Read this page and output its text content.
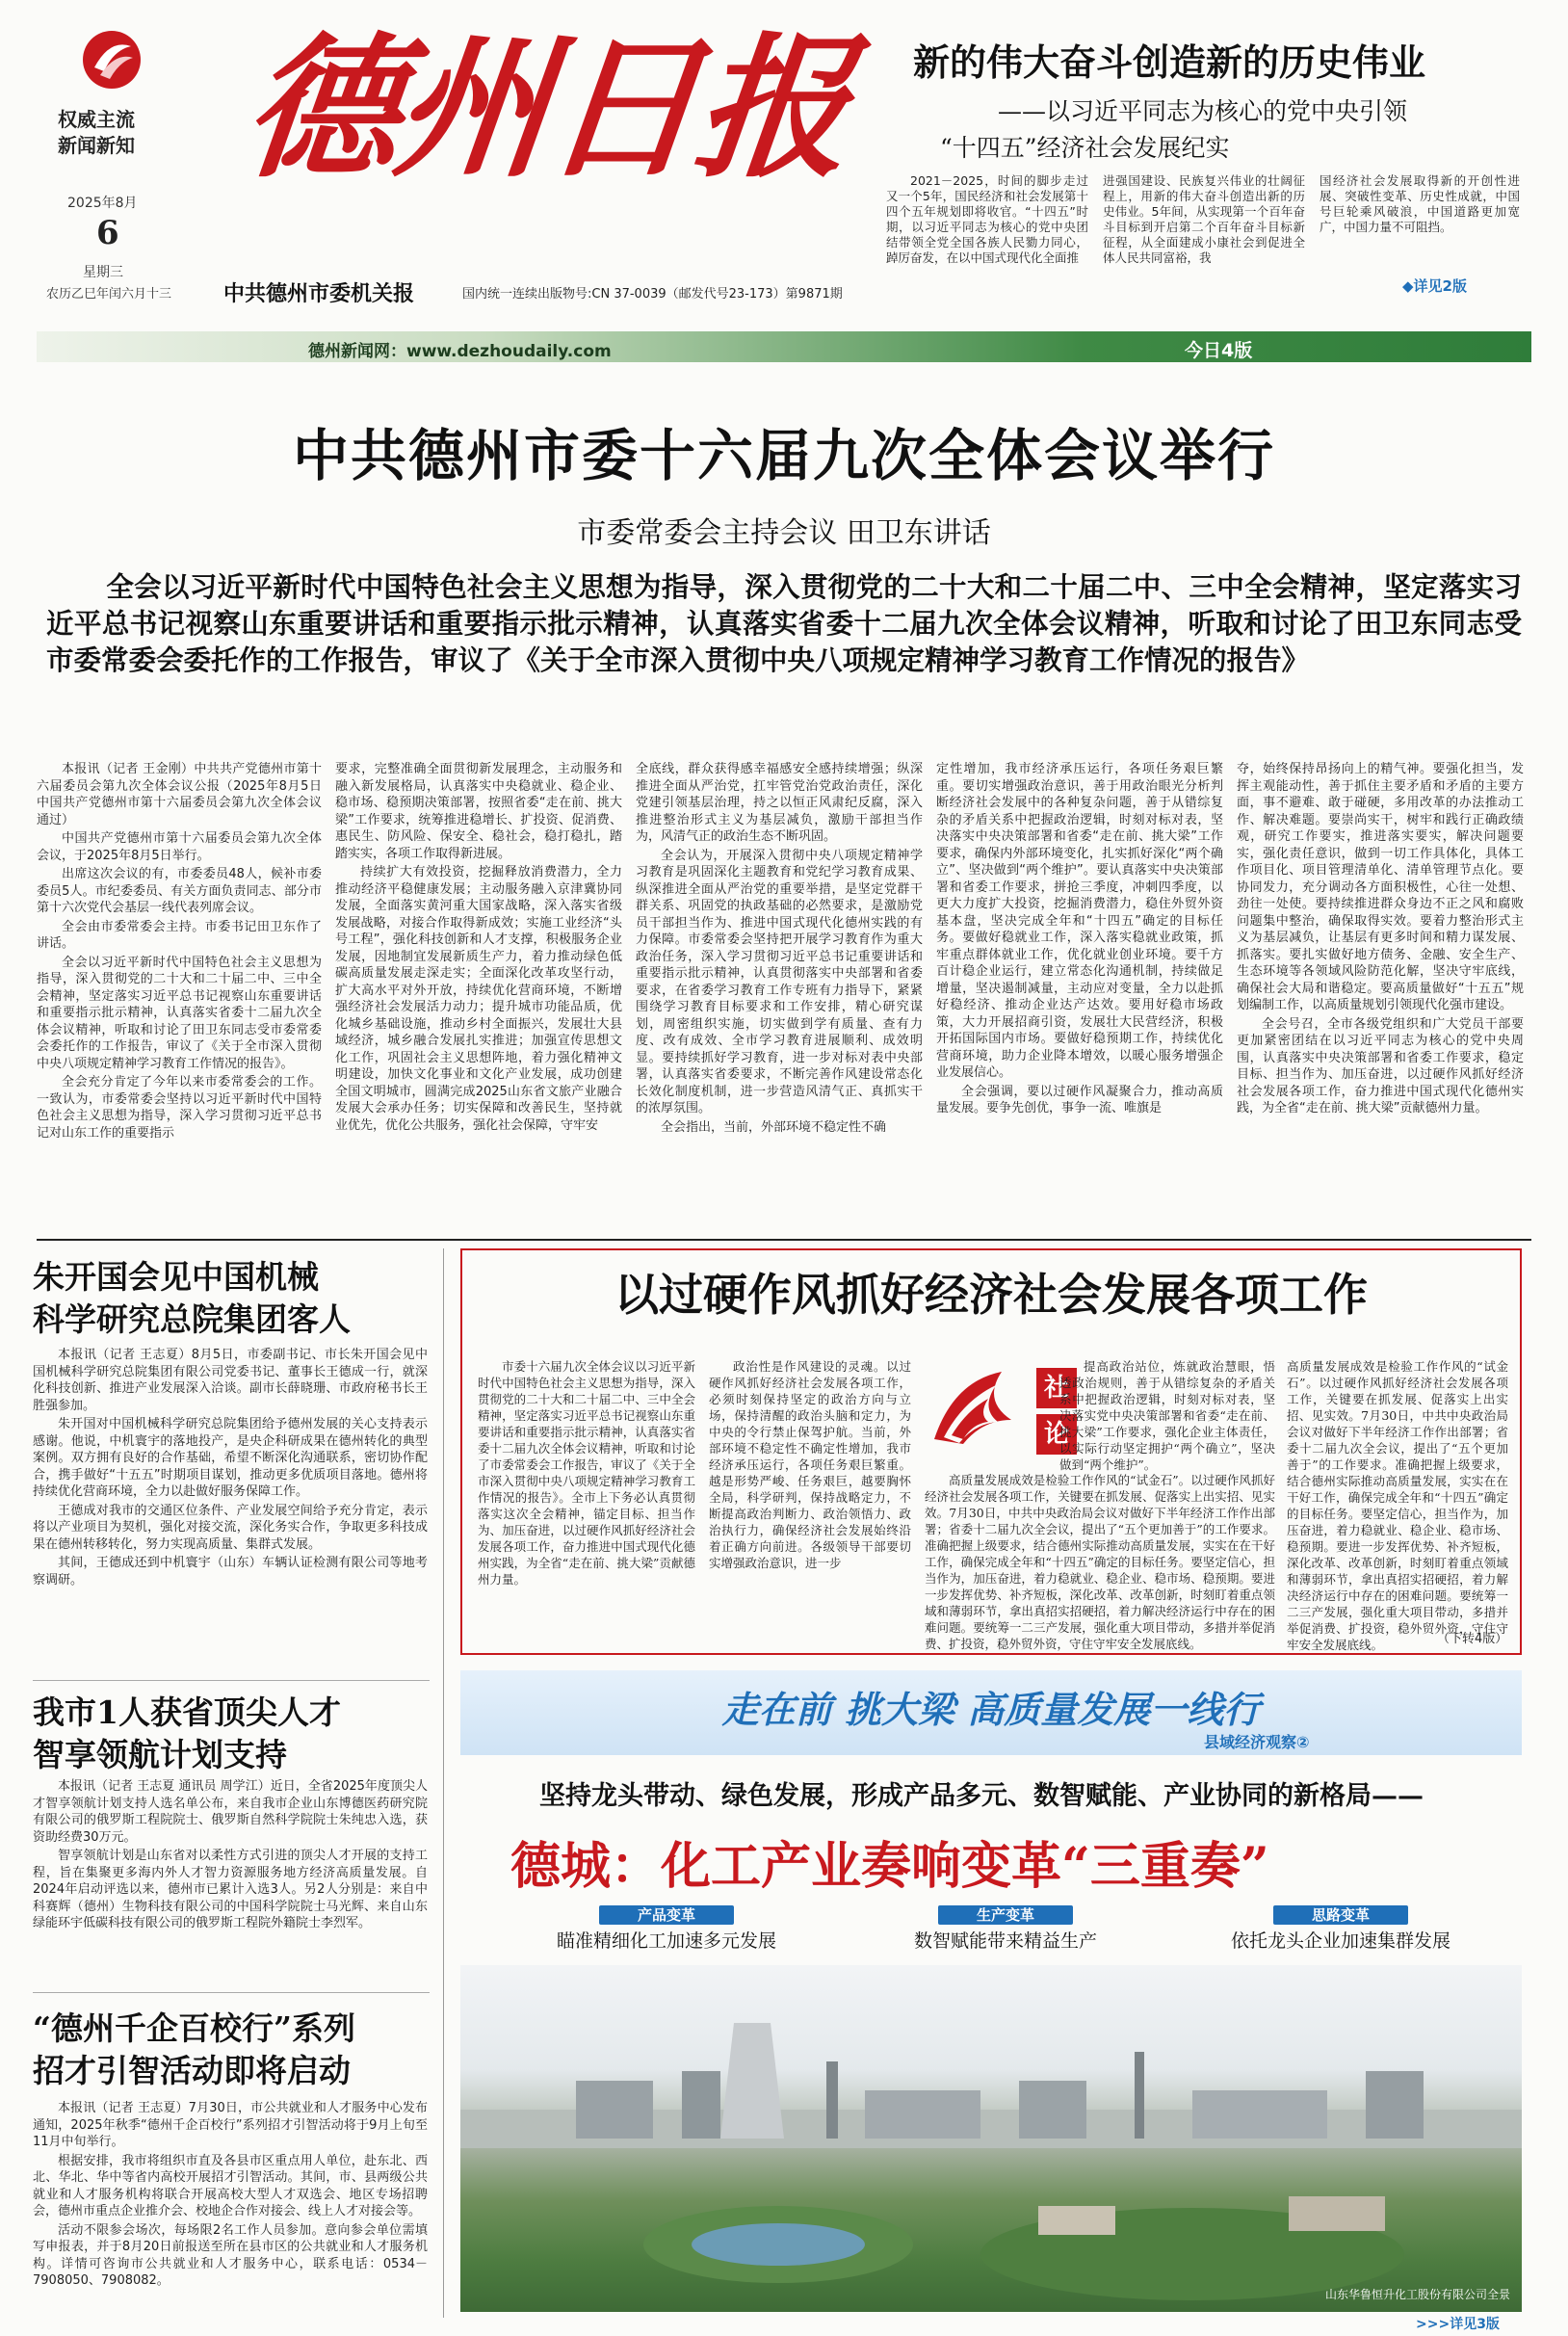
权威主流
新闻新知
2025年8月
6
星期三
农历乙巳年闰六月十三
德州日报
中共德州市委机关报	国内统一连续出版物号:CN 37-0039（邮发代号23-173）第9871期
新的伟大奋斗创造新的历史伟业
——以习近平同志为核心的党中央引领
“十四五”经济社会发展纪实

2021－2025，时间的脚步走过又一个5年，国民经济和社会发展第十四个五年规划即将收官。“十四五”时期，以习近平同志为核心的党中央团结带领全党全国各族人民勠力同心，踔厉奋发，在以中国式现代化全面推

进强国建设、民族复兴伟业的壮阔征程上，用新的伟大奋斗创造出新的历史伟业。5年间，从实现第一个百年奋斗目标到开启第二个百年奋斗目标新征程，从全面建成小康社会到促进全体人民共同富裕，我

国经济社会发展取得新的开创性进展、突破性变革、历史性成就，中国号巨轮乘风破浪，中国道路更加宽广，中国力量不可阻挡。

◆详见2版
德州新闻网：www.dezhoudaily.com	今日4版
中共德州市委十六届九次全体会议举行
市委常委会主持会议 田卫东讲话
全会以习近平新时代中国特色社会主义思想为指导，深入贯彻党的二十大和二十届二中、三中全会精神，坚定落实习近平总书记视察山东重要讲话和重要指示批示精神，认真落实省委十二届九次全体会议精神，听取和讨论了田卫东同志受市委常委会委托作的工作报告，审议了《关于全市深入贯彻中央八项规定精神学习教育工作情况的报告》

本报讯（记者 王金刚）中共共产党德州市第十六届委员会第九次全体会议公报（2025年8月5日中国共产党德州市第十六届委员会第九次全体会议通过）

中国共产党德州市第十六届委员会第九次全体会议，于2025年8月5日举行。

出席这次会议的有，市委委员48人，候补市委委员5人。市纪委委员、有关方面负责同志、部分市第十六次党代会基层一线代表列席会议。

全会由市委常委会主持。市委书记田卫东作了讲话。

全会以习近平新时代中国特色社会主义思想为指导，深入贯彻党的二十大和二十届二中、三中全会精神，坚定落实习近平总书记视察山东重要讲话和重要指示批示精神，认真落实省委十二届九次全体会议精神，听取和讨论了田卫东同志受市委常委会委托作的工作报告，审议了《关于全市深入贯彻中央八项规定精神学习教育工作情况的报告》。

全会充分肯定了今年以来市委常委会的工作。一致认为，市委常委会坚持以习近平新时代中国特色社会主义思想为指导，深入学习贯彻习近平总书记对山东工作的重要指示

要求，完整准确全面贯彻新发展理念，主动服务和融入新发展格局，认真落实中央稳就业、稳企业、稳市场、稳预期决策部署，按照省委“走在前、挑大梁”工作要求，统筹推进稳增长、扩投资、促消费、惠民生、防风险、保安全、稳社会，稳打稳扎，踏踏实实，各项工作取得新进展。

持续扩大有效投资，挖掘释放消费潜力，全力推动经济平稳健康发展；主动服务融入京津冀协同发展，全面落实黄河重大国家战略，深入落实省级发展战略，对接合作取得新成效；实施工业经济“头号工程”，强化科技创新和人才支撑，积极服务企业发展，因地制宜发展新质生产力，着力推动绿色低碳高质量发展走深走实；全面深化改革攻坚行动，扩大高水平对外开放，持续优化营商环境，不断增强经济社会发展活力动力；提升城市功能品质，优化城乡基础设施，推动乡村全面振兴，发展壮大县域经济，城乡融合发展扎实推进；加强宣传思想文化工作，巩固社会主义思想阵地，着力强化精神文明建设，加快文化事业和文化产业发展，成功创建全国文明城市，圆满完成2025山东省文旅产业融合发展大会承办任务；切实保障和改善民生，坚持就业优先，优化公共服务，强化社会保障，守牢安

全底线，群众获得感幸福感安全感持续增强；纵深推进全面从严治党，扛牢管党治党政治责任，深化党建引领基层治理，持之以恒正风肃纪反腐，深入推进整治形式主义为基层减负，激励干部担当作为，风清气正的政治生态不断巩固。

全会认为，开展深入贯彻中央八项规定精神学习教育是巩固深化主题教育和党纪学习教育成果、纵深推进全面从严治党的重要举措，是坚定党群干群关系、巩固党的执政基础的必然要求，是激励党员干部担当作为、推进中国式现代化德州实践的有力保障。市委常委会坚持把开展学习教育作为重大政治任务，深入学习贯彻习近平总书记重要讲话和重要指示批示精神，认真贯彻落实中央部署和省委要求，在省委学习教育工作专班有力指导下，紧紧围绕学习教育目标要求和工作安排，精心研究谋划，周密组织实施，切实做到学有质量、查有力度、改有成效、全市学习教育进展顺利、成效明显。要持续抓好学习教育，进一步对标对表中央部署，认真落实省委要求，不断完善作风建设常态化长效化制度机制，进一步营造风清气正、真抓实干的浓厚氛围。

全会指出，当前，外部环境不稳定性不确

定性增加，我市经济承压运行，各项任务艰巨繁重。要切实增强政治意识，善于用政治眼光分析判断经济社会发展中的各种复杂问题，善于从错综复杂的矛盾关系中把握政治逻辑，时刻对标对表，坚决落实中央决策部署和省委“走在前、挑大梁”工作要求，确保内外部环境变化，扎实抓好深化“两个确立”、坚决做到“两个维护”。要认真落实中央决策部署和省委工作要求，拼抢三季度，冲刺四季度，以更大力度扩大投资，挖掘消费潜力，稳住外贸外资基本盘，坚决完成全年和“十四五”确定的目标任务。要做好稳就业工作，深入落实稳就业政策，抓牢重点群体就业工作，优化就业创业环境。要千方百计稳企业运行，建立常态化沟通机制，持续做足增量，坚决遏制减量，主动应对变量，全力以赴抓好稳经济、推动企业达产达效。要用好稳市场政策，大力开展招商引资，发展壮大民营经济，积极开拓国际国内市场。要做好稳预期工作，持续优化营商环境，助力企业降本增效，以暖心服务增强企业发展信心。

全会强调，要以过硬作风凝聚合力，推动高质量发展。要争先创优，事争一流、唯旗是

夺，始终保持昂扬向上的精气神。要强化担当，发挥主观能动性，善于抓住主要矛盾和矛盾的主要方面，事不避难、敢于碰硬，多用改革的办法推动工作、解决难题。要崇尚实干，树牢和践行正确政绩观，研究工作要实，推进落实要实，解决问题要实，强化责任意识，做到一切工作具体化，具体工作项目化、项目管理清单化、清单管理节点化。要协同发力，充分调动各方面积极性，心往一处想、劲往一处使。要持续推进群众身边不正之风和腐败问题集中整治，确保取得实效。要着力整治形式主义为基层减负，让基层有更多时间和精力谋发展、抓落实。要扎实做好地方债务、金融、安全生产、生态环境等各领域风险防范化解，坚决守牢底线，确保社会大局和谐稳定。要高质量做好“十五五”规划编制工作，以高质量规划引领现代化强市建设。

全会号召，全市各级党组织和广大党员干部要更加紧密团结在以习近平同志为核心的党中央周围，认真落实中央决策部署和省委工作要求，稳定目标、担当作为、加压奋进，以过硬作风抓好经济社会发展各项工作，奋力推进中国式现代化德州实践，为全省“走在前、挑大梁”贡献德州力量。

朱开国会见中国机械
科学研究总院集团客人

本报讯（记者 王志夏）8月5日，市委副书记、市长朱开国会见中国机械科学研究总院集团有限公司党委书记、董事长王德成一行，就深化科技创新、推进产业发展深入洽谈。副市长薛晓珊、市政府秘书长王胜强参加。

朱开国对中国机械科学研究总院集团给予德州发展的关心支持表示感谢。他说，中机寰宇的落地投产，是央企科研成果在德州转化的典型案例。双方拥有良好的合作基础，希望不断深化沟通联系，密切协作配合，携手做好“十五五”时期项目谋划，推动更多优质项目落地。德州将持续优化营商环境，全力以赴做好服务保障工作。

王德成对我市的交通区位条件、产业发展空间给予充分肯定，表示将以产业项目为契机，强化对接交流，深化务实合作，争取更多科技成果在德州转移转化，努力实现高质量、集群式发展。

其间，王德成还到中机寰宇（山东）车辆认证检测有限公司等地考察调研。

我市1人获省顶尖人才
智享领航计划支持

本报讯（记者 王志夏 通讯员 周学江）近日，全省2025年度顶尖人才智享领航计划支持人选名单公布，来自我市企业山东博德医药研究院有限公司的俄罗斯工程院院士、俄罗斯自然科学院院士朱纯忠入选，获资助经费30万元。

智享领航计划是山东省对以柔性方式引进的顶尖人才开展的支持工程，旨在集聚更多海内外人才智力资源服务地方经济高质量发展。自2024年启动评选以来，德州市已累计入选3人。另2人分别是：来自中科赛辉（德州）生物科技有限公司的中国科学院院士马光辉、来自山东绿能环宇低碳科技有限公司的俄罗斯工程院外籍院士李烈军。

“德州千企百校行”系列
招才引智活动即将启动

本报讯（记者 王志夏）7月30日，市公共就业和人才服务中心发布通知，2025年秋季“德州千企百校行”系列招才引智活动将于9月上旬至11月中旬举行。

根据安排，我市将组织市直及各县市区重点用人单位，赴东北、西北、华北、华中等省内高校开展招才引智活动。其间，市、县两级公共就业和人才服务机构将联合开展高校大型人才双选会、地区专场招聘会，德州市重点企业推介会、校地企合作对接会、线上人才对接会等。

活动不限参会场次，每场限2名工作人员参加。意向参会单位需填写申报表，并于8月20日前报送至所在县市区的公共就业和人才服务机构。详情可咨询市公共就业和人才服务中心，联系电话：0534－7908050、7908082。

以过硬作风抓好经济社会发展各项工作

市委十六届九次全体会议以习近平新时代中国特色社会主义思想为指导，深入贯彻党的二十大和二十届二中、三中全会精神，坚定落实习近平总书记视察山东重要讲话和重要指示批示精神，认真落实省委十二届九次全体会议精神，听取和讨论了市委常委会工作报告，审议了《关于全市深入贯彻中央八项规定精神学习教育工作情况的报告》。全市上下务必认真贯彻落实这次全会精神，锚定目标、担当作为、加压奋进，以过硬作风抓好经济社会发展各项工作，奋力推进中国式现代化德州实践，为全省“走在前、挑大梁”贡献德州力量。

政治性是作风建设的灵魂。以过硬作风抓好经济社会发展各项工作，必须时刻保持坚定的政治方向与立场，保持清醒的政治头脑和定力，为中央的令行禁止保驾护航。当前，外部环境不稳定性不确定性增加，我市经济承压运行，各项任务艰巨繁重。越是形势严峻、任务艰巨，越要胸怀全局，科学研判，保持战略定力，不断提高政治判断力、政治领悟力、政治执行力，确保经济社会发展始终沿着正确方向前进。各级领导干部要切实增强政治意识，进一步

社
论

提高政治站位，炼就政治慧眼，悟透政治规则，善于从错综复杂的矛盾关系中把握政治逻辑，时刻对标对表，坚决落实党中央决策部署和省委“走在前、挑大梁”工作要求，强化企业主体责任，以实际行动坚定拥护“两个确立”，坚决做到“两个维护”。

高质量发展成效是检验工作作风的“试金石”。以过硬作风抓好经济社会发展各项工作，关键要在抓发展、促落实上出实招、见实效。7月30日，中共中央政治局会议对做好下半年经济工作作出部署；省委十二届九次全会议，提出了“五个更加善于”的工作要求。准确把握上级要求，结合德州实际推动高质量发展，实实在在干好工作，确保完成全年和“十四五”确定的目标任务。要坚定信心，担当作为，加压奋进，着力稳就业、稳企业、稳市场、稳预期。要进一步发挥优势、补齐短板，深化改革、改革创新，时刻盯着重点领域和薄弱环节，拿出真招实招硬招，着力解决经济运行中存在的困难问题。要统筹一二三产发展，强化重大项目带动，多措并举促消费、扩投资，稳外贸外资，守住守牢安全发展底线。

高质量发展成效是检验工作作风的“试金石”。以过硬作风抓好经济社会发展各项工作，关键要在抓发展、促落实上出实招、见实效。7月30日，中共中央政治局会议对做好下半年经济工作作出部署；省委十二届九次全会议，提出了“五个更加善于”的工作要求。准确把握上级要求，结合德州实际推动高质量发展，实实在在干好工作，确保完成全年和“十四五”确定的目标任务。要坚定信心，担当作为，加压奋进，着力稳就业、稳企业、稳市场、稳预期。要进一步发挥优势、补齐短板，深化改革、改革创新，时刻盯着重点领域和薄弱环节，拿出真招实招硬招，着力解决经济运行中存在的困难问题。要统筹一二三产发展，强化重大项目带动，多措并举促消费、扩投资，稳外贸外资，守住守牢安全发展底线。	（下转4版）
走在前 挑大梁 高质量发展一线行
县域经济观察②
坚持龙头带动、绿色发展，形成产品多元、数智赋能、产业协同的新格局——
德城：化工产业奏响变革“三重奏”
产品变革
瞄准精细化工加速多元发展
生产变革
数智赋能带来精益生产
思路变革
依托龙头企业加速集群发展
山东华鲁恒升化工股份有限公司全景
>>>详见3版
